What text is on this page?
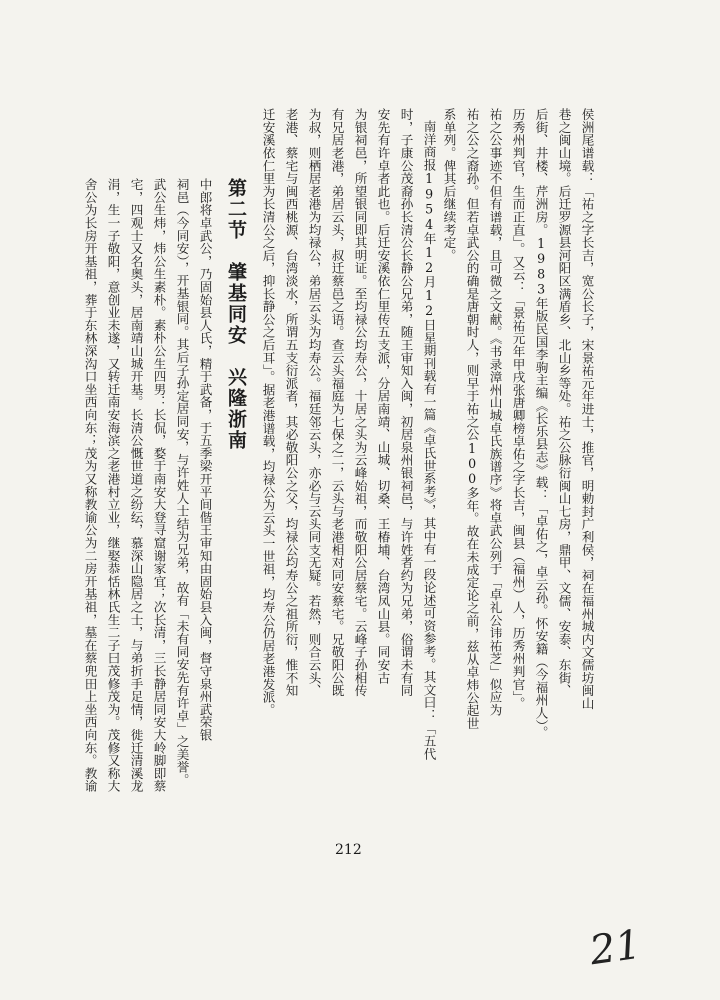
侯洲尾谱载：「祐之字长吉，宽公长子，宋景祐元年进士，推官，明勅封广利侯，祠在福州城内文儒坊闽山
巷之闽山境。后迁罗源县河阳区满盾乡、北山乡等处。祐之公脉衍闽山七房，鼎甲、文儒、安泰、东街、
后街、井楼、芹洲房。1983年版民国李驹主编《长乐县志》载：「卓佑之，卓云孙。怀安籍（今福州人）。
历秀州判官，生而正直」。又云：「景祐元年甲戌张唐卿榜卓佑之字长吉，闽县（福州）人，历秀州判官」。
祐之公事迹不但有谱载，且可微之文献。《书录漳州山城卓氏族谱序》将卓武公列于「卓礼公讳祐芝」似应为
祐之公之裔孙。但若卓武公的确是唐朝时人，则早于祐之公100多年。故在未成定论之前，兹从卓炜公起世
系单列。俾其后继续考定。
南洋商报1954年12月12日星期刊载有一篇《卓氏世系考》，其中有一段论述可资参考。其文曰：「五代
时，子康公茂裔孙长清公长静公兄弟，随王审知入闽，初居泉州银祠邑，与许姓者约为兄弟，俗谓未有同
安先有许卓者此也。后迁安溪依仁里传五支派，分居南靖、山城、切桑、王椿埔、台湾凤山县。同安古
为银祠邑，所望银同即其明证。至均禄公均寿公，十居之头为云峰始祖，而敬阳公居蔡宅。云峰子孙相传
有兄居老港，弟居云头，叔迁蔡邑之语。查云头福庭为七保之二，云头与老港相对同安蔡宅。兄敬阳公既
为叔，则栖居老港为均禄公，弟居云头为均寿公。福廷邻云头，亦必与云头同支无疑。若然，则合云头、
老港、蔡宅与闽西桃源、台湾淡水，所谓五支衍派者，其必敬阳公之父，均禄公均寿公之祖所衍，惟不知
迁安溪依仁里为长清公之后，抑长静公之后耳」。据老港谱载，均禄公为云头一世祖，均寿公仍居老港发派。
第二节　肇基同安　兴隆浙南
中郎将卓武公，乃固始县人氏，精于武备，于五季梁开平间偕王审知由固始县入闽，督守泉州武荣银
祠邑（今同安），开基银同。其后子孙定居同安，与许姓人士结为兄弟，故有「未有同安先有许卓」之美誉。
武公生炜，炜公生素朴。素朴公生四男：长侃，婺于南安大登寻窟谢家宜；次长清，三长静居同安大岭脚即蔡
宅，四观士又名奥头，居南靖山城开基。长清公慨世道之纷纭，慕深山隐居之士，与弟折手足情，徙迁清溪龙
涓，生一子敬阳，意创业未遂，又转迁南安海滨之老港村立业，继娶恭恬林氏生二子曰茂修茂为。茂修又称大
舍公为长房开基祖，葬于东林深沟口坐西向东；茂为又称教谕公为二房开基祖，墓在蔡兜田上坐西向东。教谕
212
21
